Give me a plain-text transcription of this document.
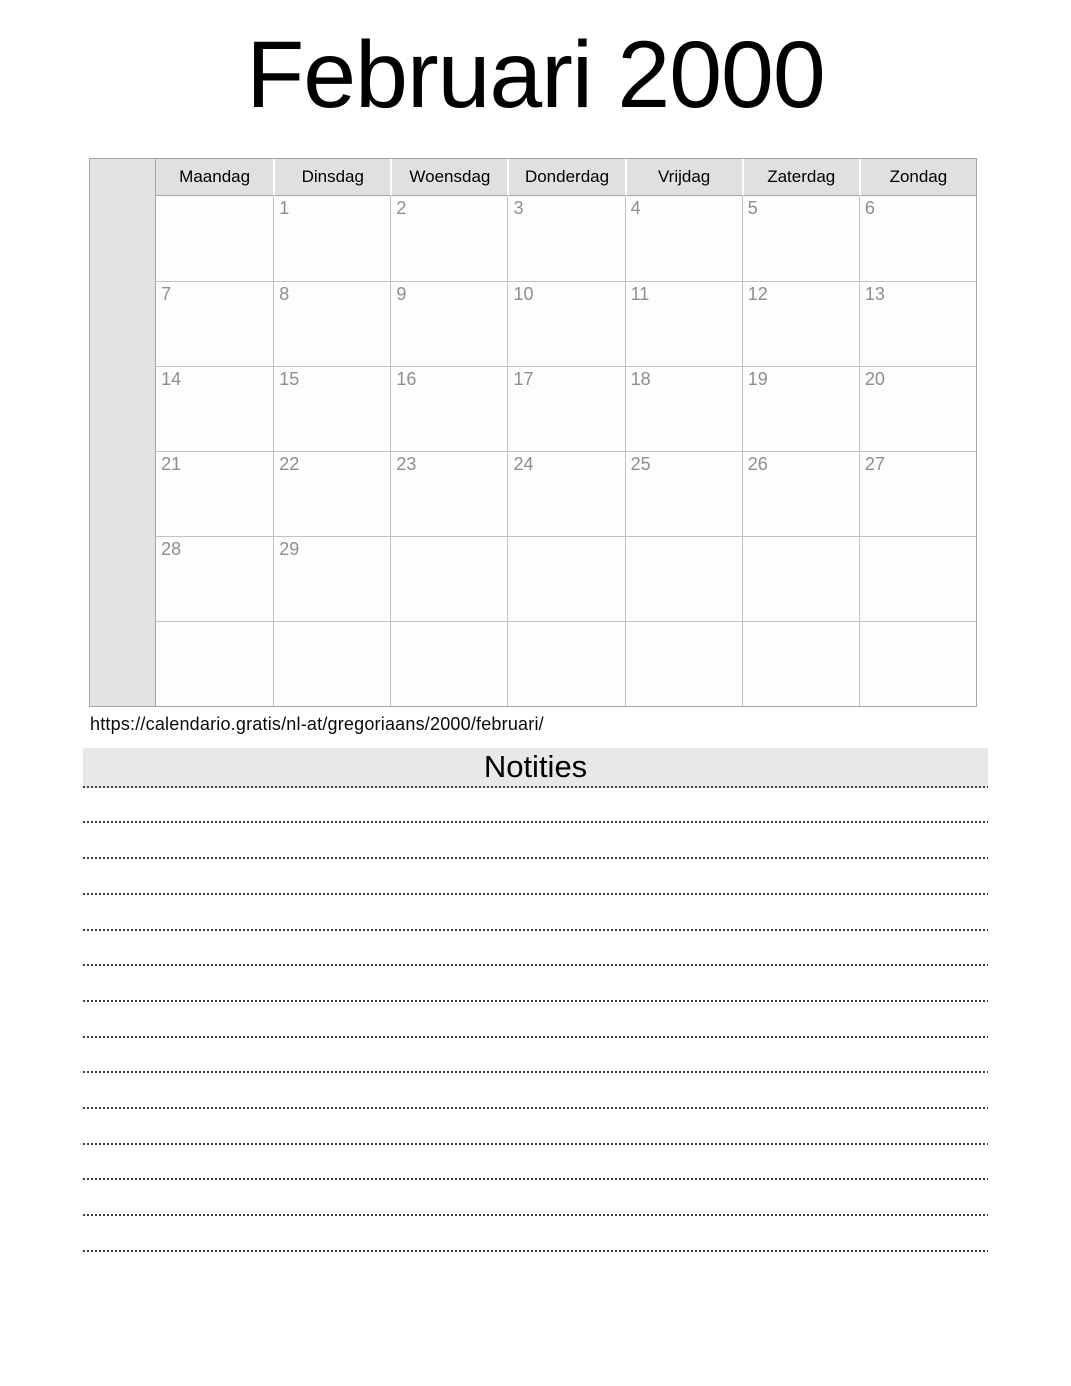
Februari 2000
	Maandag	Dinsdag	Woensdag	Donderdag	Vrijdag	Zaterdag	Zondag
		1	2	3	4	5	6
	7	8	9	10	11	12	13
	14	15	16	17	18	19	20
	21	22	23	24	25	26	27
	28	29					

https://calendario.gratis/nl-at/gregoriaans/2000/februari/
Notities
